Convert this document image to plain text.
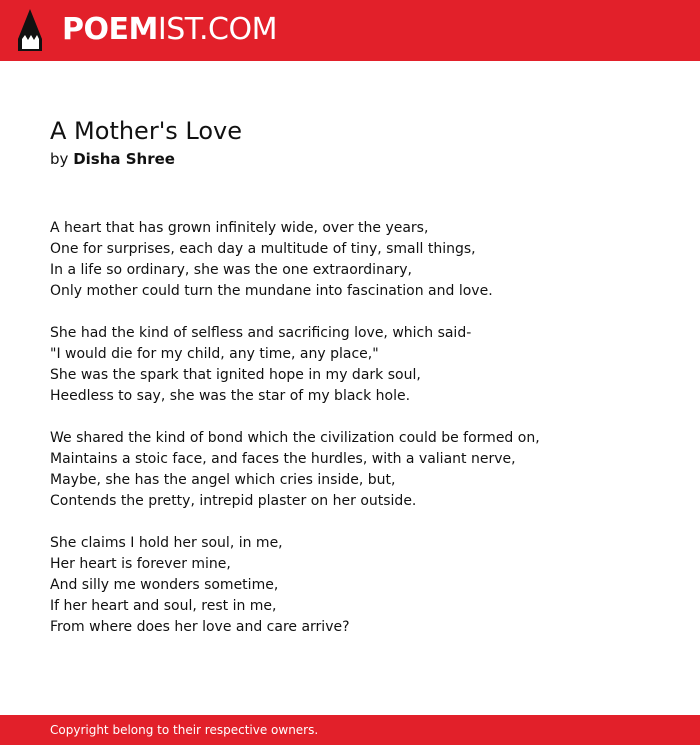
POEMIST.COM
A Mother's Love
by Disha Shree
A heart that has grown infinitely wide, over the years,
One for surprises, each day a multitude of tiny, small things,
In a life so ordinary, she was the one extraordinary,
Only mother could turn the mundane into fascination and love.
She had the kind of selfless and sacrificing love, which said-
"I would die for my child, any time, any place,"
She was the spark that ignited hope in my dark soul,
Heedless to say, she was the star of my black hole.
We shared the kind of bond which the civilization could be formed on,
Maintains a stoic face, and faces the hurdles, with a valiant nerve,
Maybe, she has the angel which cries inside, but,
Contends the pretty, intrepid plaster on her outside.
She claims I hold her soul, in me,
Her heart is forever mine,
And silly me wonders sometime,
If her heart and soul, rest in me,
From where does her love and care arrive?
Copyright belong to their respective owners.
